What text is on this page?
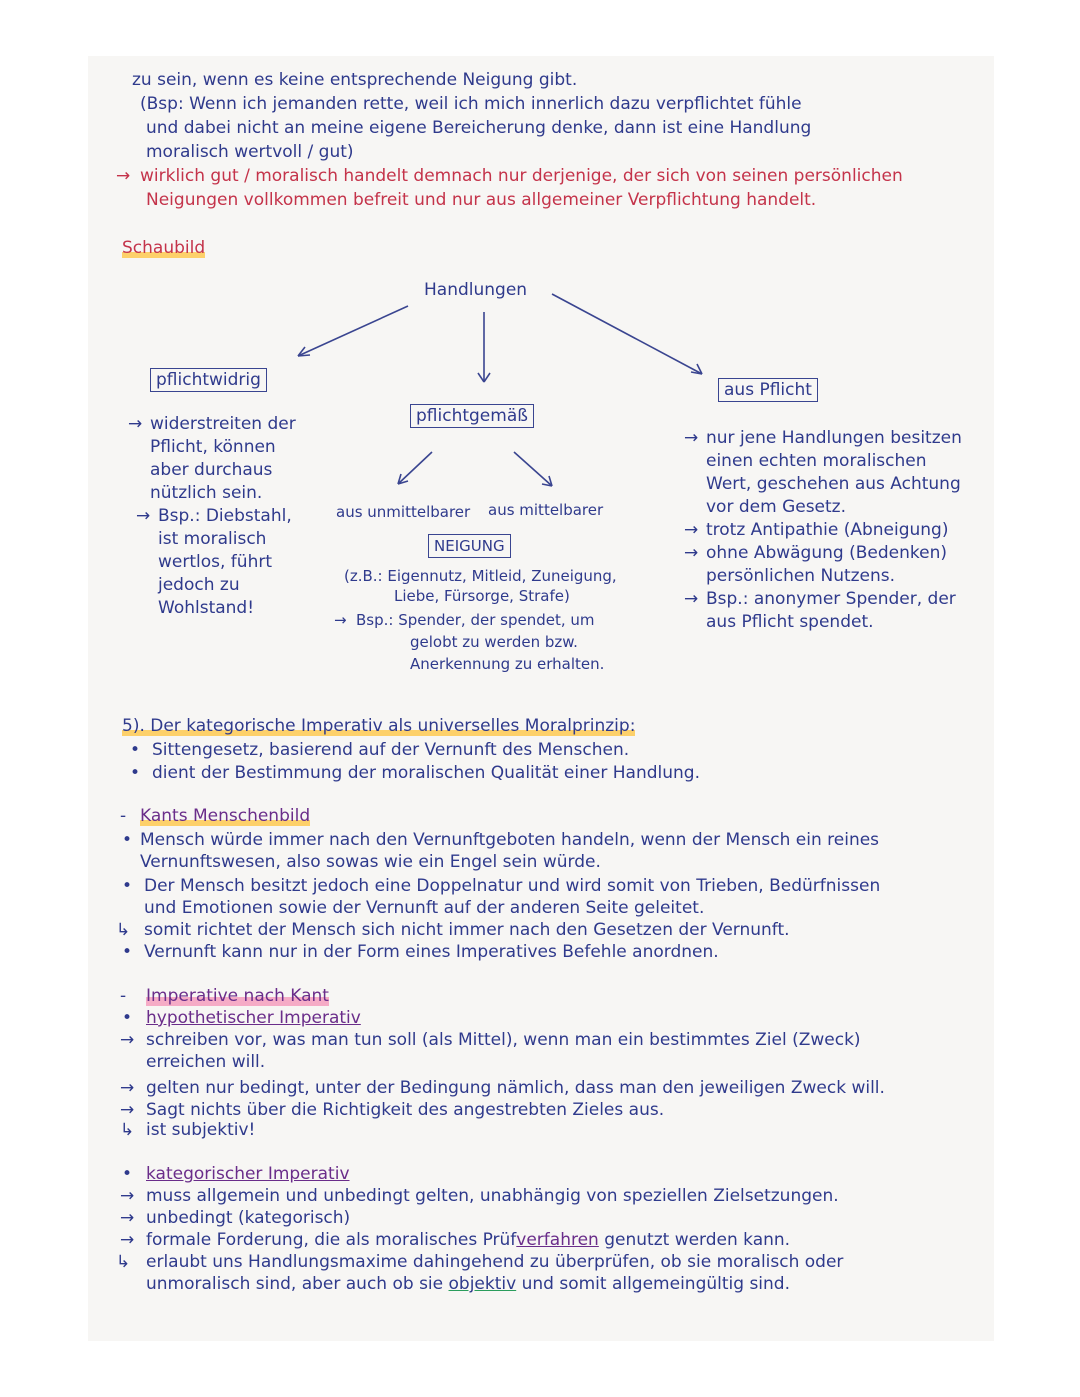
zu sein, wenn es keine entsprechende Neigung gibt.
(Bsp: Wenn ich jemanden rette, weil ich mich innerlich dazu verpflichtet fühle
und dabei nicht an meine eigene Bereicherung denke, dann ist eine Handlung
moralisch wertvoll / gut)
→ wirklich gut / moralisch handelt demnach nur derjenige, der sich von seinen persönlichen
Neigungen vollkommen befreit und nur aus allgemeiner Verpflichtung handelt.
Schaubild
Handlungen
pflichtwidrig
pflichtgemäß
aus Pflicht
→ widerstreiten der
Pflicht, können
aber durchaus
nützlich sein.
→ Bsp.: Diebstahl,
ist moralisch
wertlos, führt
jedoch zu
Wohlstand!
aus unmittelbarer aus mittelbarer
NEIGUNG
(z.B.: Eigennutz, Mitleid, Zuneigung,
Liebe, Fürsorge, Strafe)
→ Bsp.: Spender, der spendet, um
gelobt zu werden bzw.
Anerkennung zu erhalten.
→ nur jene Handlungen besitzen
einen echten moralischen
Wert, geschehen aus Achtung
vor dem Gesetz.
→ trotz Antipathie (Abneigung)
→ ohne Abwägung (Bedenken)
persönlichen Nutzens.
→ Bsp.: anonymer Spender, der
aus Pflicht spendet.
5). Der kategorische Imperativ als universelles Moralprinzip:
• Sittengesetz, basierend auf der Vernunft des Menschen.
• dient der Bestimmung der moralischen Qualität einer Handlung.
- Kants Menschenbild
• Mensch würde immer nach den Vernunftgeboten handeln, wenn der Mensch ein reines
Vernunftswesen, also sowas wie ein Engel sein würde.
• Der Mensch besitzt jedoch eine Doppelnatur und wird somit von Trieben, Bedürfnissen
und Emotionen sowie der Vernunft auf der anderen Seite geleitet.
↳ somit richtet der Mensch sich nicht immer nach den Gesetzen der Vernunft.
• Vernunft kann nur in der Form eines Imperatives Befehle anordnen.
- Imperative nach Kant
• hypothetischer Imperativ
→ schreiben vor, was man tun soll (als Mittel), wenn man ein bestimmtes Ziel (Zweck)
erreichen will.
→ gelten nur bedingt, unter der Bedingung nämlich, dass man den jeweiligen Zweck will.
→ Sagt nichts über die Richtigkeit des angestrebten Zieles aus.
↳ ist subjektiv!
• kategorischer Imperativ
→ muss allgemein und unbedingt gelten, unabhängig von speziellen Zielsetzungen.
→ unbedingt (kategorisch)
→ formale Forderung, die als moralisches Prüfverfahren genutzt werden kann.
↳ erlaubt uns Handlungsmaxime dahingehend zu überprüfen, ob sie moralisch oder
unmoralisch sind, aber auch ob sie objektiv und somit allgemeingültig sind.
